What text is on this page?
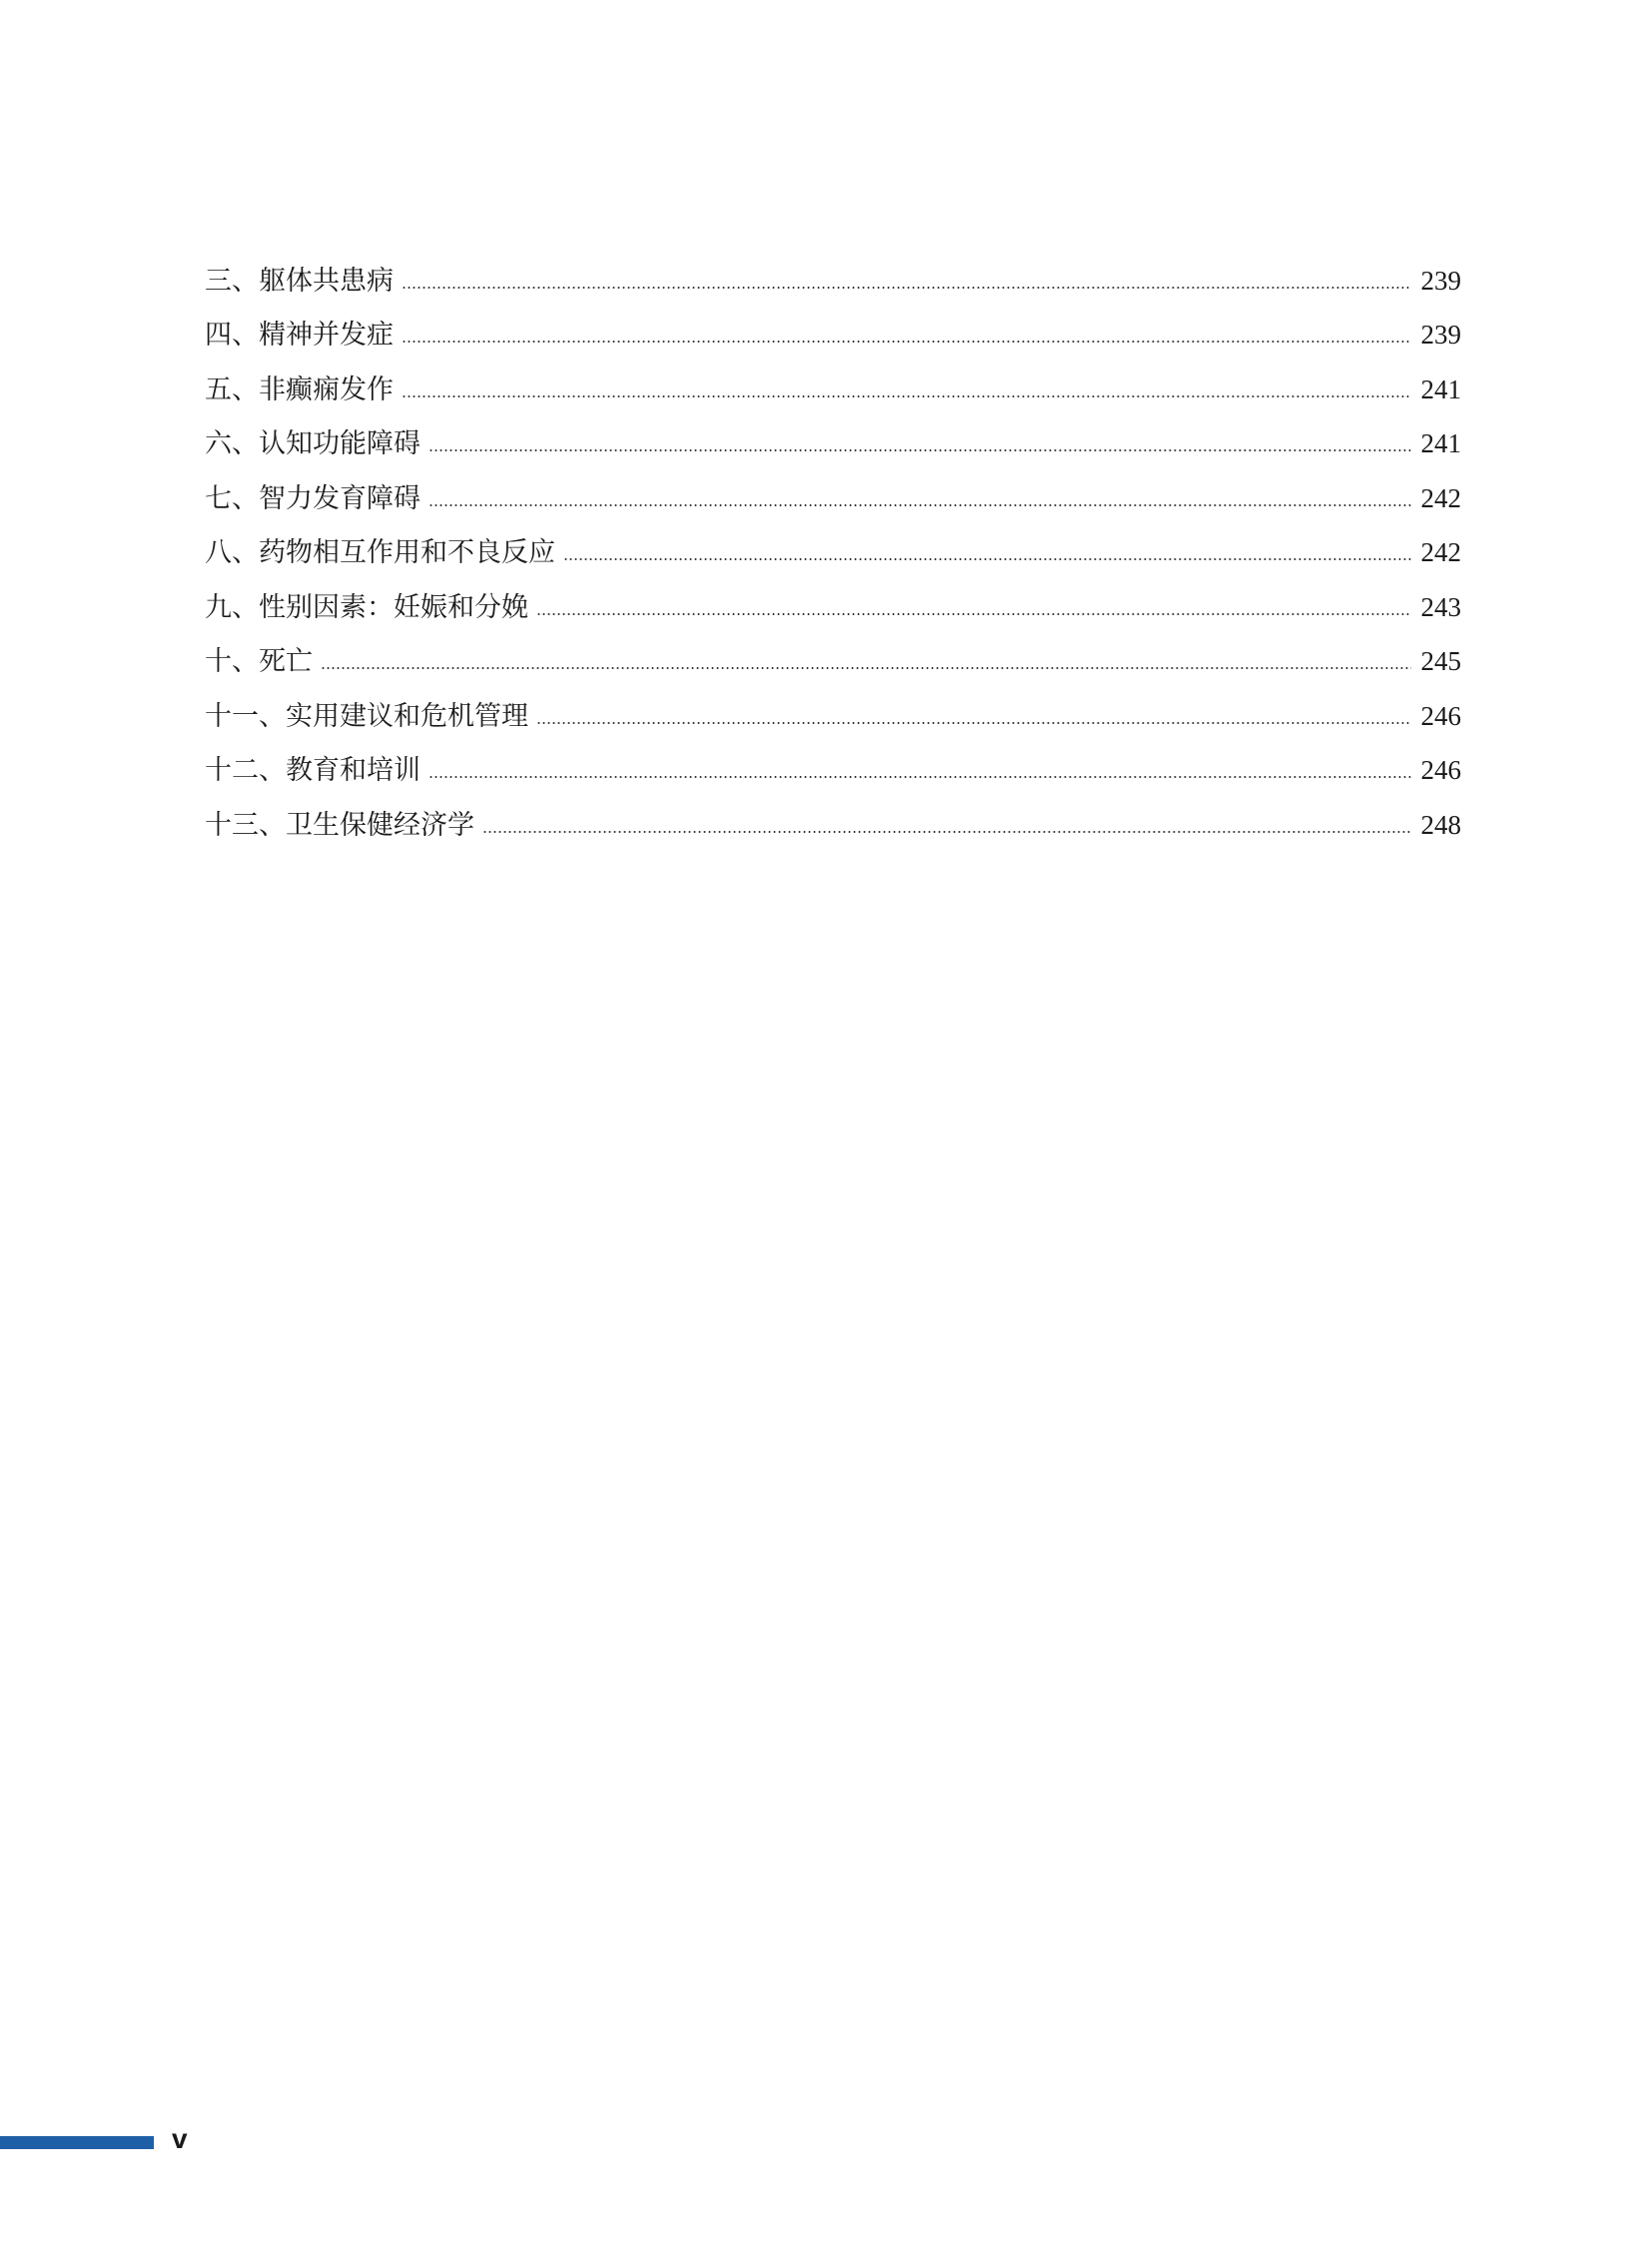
三、躯体共患病	239
四、精神并发症	239
五、非癫痫发作	241
六、认知功能障碍	241
七、智力发育障碍	242
八、药物相互作用和不良反应	242
九、性别因素：妊娠和分娩	243
十、死亡	245
十一、实用建议和危机管理	246
十二、教育和培训	246
十三、卫生保健经济学	248
v
